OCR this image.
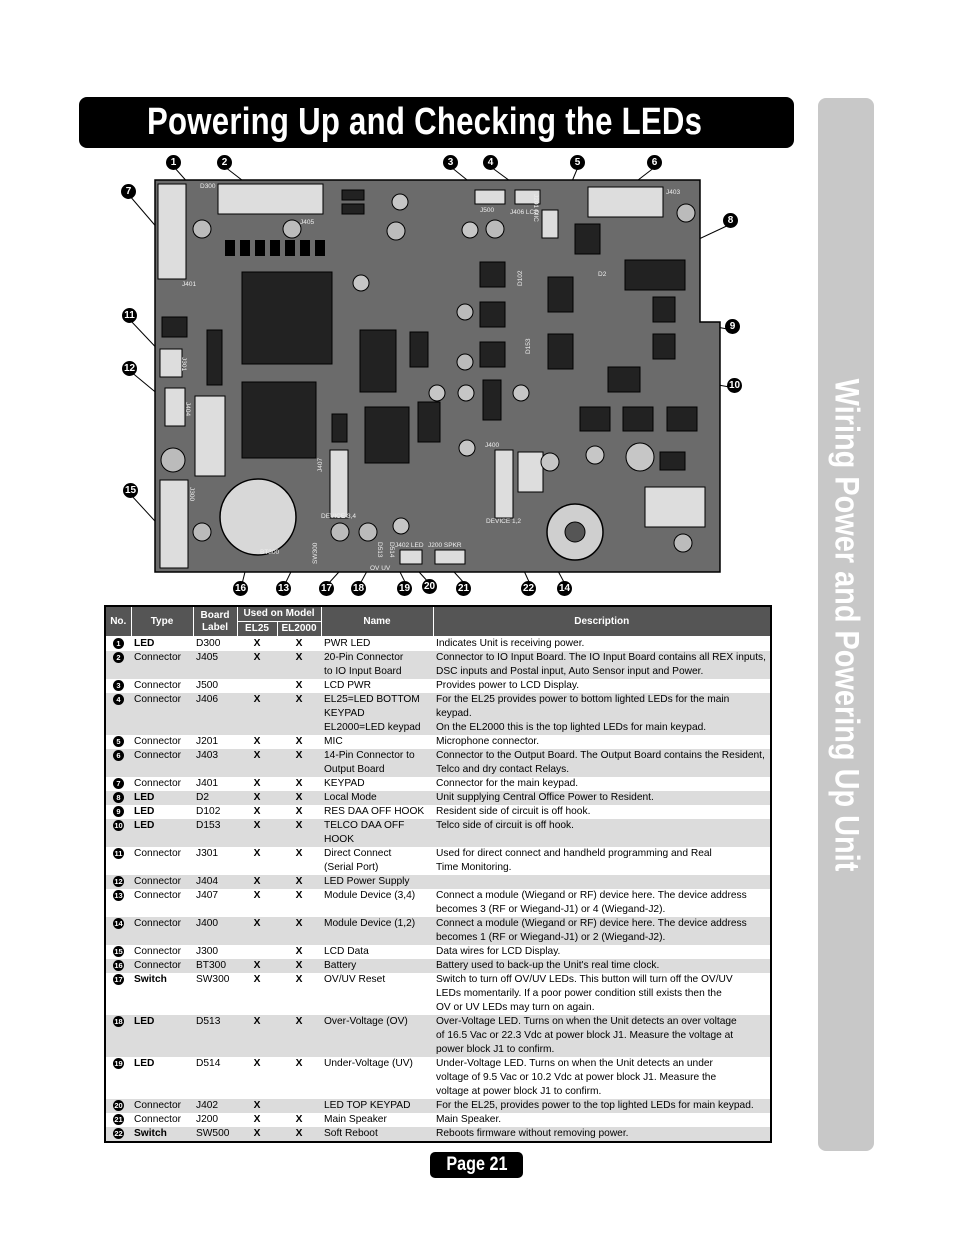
Powering Up and Checking the LEDs
Wiring Power and Powering Up Unit
D300
J405
J500 J406 LCD
J201 MIC
J403
J401
D2
D102
D153
J301
J404
J300
J407
J400
DEVICE 3,4
DEVICE 1,2
BT300	SW300	D513 D514
OV UV
J402 LED J200 SPKR
1	2	3	4	5	6
7
8
9
10
11
12
15
16	13	17 18	19 20 21	22 14
No.	Type	Board Label	Used on Model		Name	Description
			EL25	EL2000		
1	LED	D300	X	X	PWR LED	Indicates Unit is receiving power.
2	Connector	J405	X	X	20-Pin Connector
to IO Input Board	Connector to IO Input Board. The IO Input Board contains all REX inputs,
DSC inputs and Postal input, Auto Sensor input and Power.
3	Connector	J500		X	LCD PWR	Provides power to LCD Display.
4	Connector	J406	X	X	EL25=LED BOTTOM
KEYPAD
EL2000=LED keypad	For the EL25 provides power to bottom lighted LEDs for the main keypad.
On the EL2000 this is the top lighted LEDs for main keypad.
5	Connector	J201	X	X	MIC	Microphone connector.
6	Connector	J403	X	X	14-Pin Connector to
Output Board	Connector to the Output Board. The Output Board contains the Resident,
Telco and dry contact Relays.
7	Connector	J401	X	X	KEYPAD	Connector for the main keypad.
8	LED	D2	X	X	Local Mode	Unit supplying Central Office Power to Resident.
9	LED	D102	X	X	RES DAA OFF HOOK	Resident side of circuit is off hook.
10	LED	D153	X	X	TELCO DAA OFF HOOK	Telco side of circuit is off hook.
11	Connector	J301	X	X	Direct Connect
(Serial Port)	Used for direct connect and handheld programming and Real
Time Monitoring.
12	Connector	J404	X	X	LED Power Supply	
13	Connector	J407	X	X	Module Device (3,4)	Connect a module (Wiegand or RF) device here. The device address
becomes 3 (RF or Wiegand-J1) or 4 (Wiegand-J2).
14	Connector	J400	X	X	Module Device (1,2)	Connect a module (Wiegand or RF) device here. The device address
becomes 1 (RF or Wiegand-J1) or 2 (Wiegand-J2).
15	Connector	J300		X	LCD Data	Data wires for LCD Display.
16	Connector	BT300	X	X	Battery	Battery used to back-up the Unit's real time clock.
17	Switch	SW300	X	X	OV/UV Reset	Switch to turn off OV/UV LEDs. This button will turn off the OV/UV
LEDs momentarily. If a poor power condition still exists then the
OV or UV LEDs may turn on again.
18	LED	D513	X	X	Over-Voltage (OV)	Over-Voltage LED. Turns on when the Unit detects an over voltage
of 16.5 Vac or 22.3 Vdc at power block J1. Measure the voltage at
power block J1 to confirm.
19	LED	D514	X	X	Under-Voltage (UV)	Under-Voltage LED. Turns on when the Unit detects an under
voltage of 9.5 Vac or 10.2 Vdc at power block J1. Measure the
voltage at power block J1 to confirm.
20	Connector	J402	X		LED TOP KEYPAD	For the EL25, provides power to the top lighted LEDs for main keypad.
21	Connector	J200	X	X	Main Speaker	Main Speaker.
22	Switch	SW500	X	X	Soft Reboot	Reboots firmware without removing power.
Page 21
